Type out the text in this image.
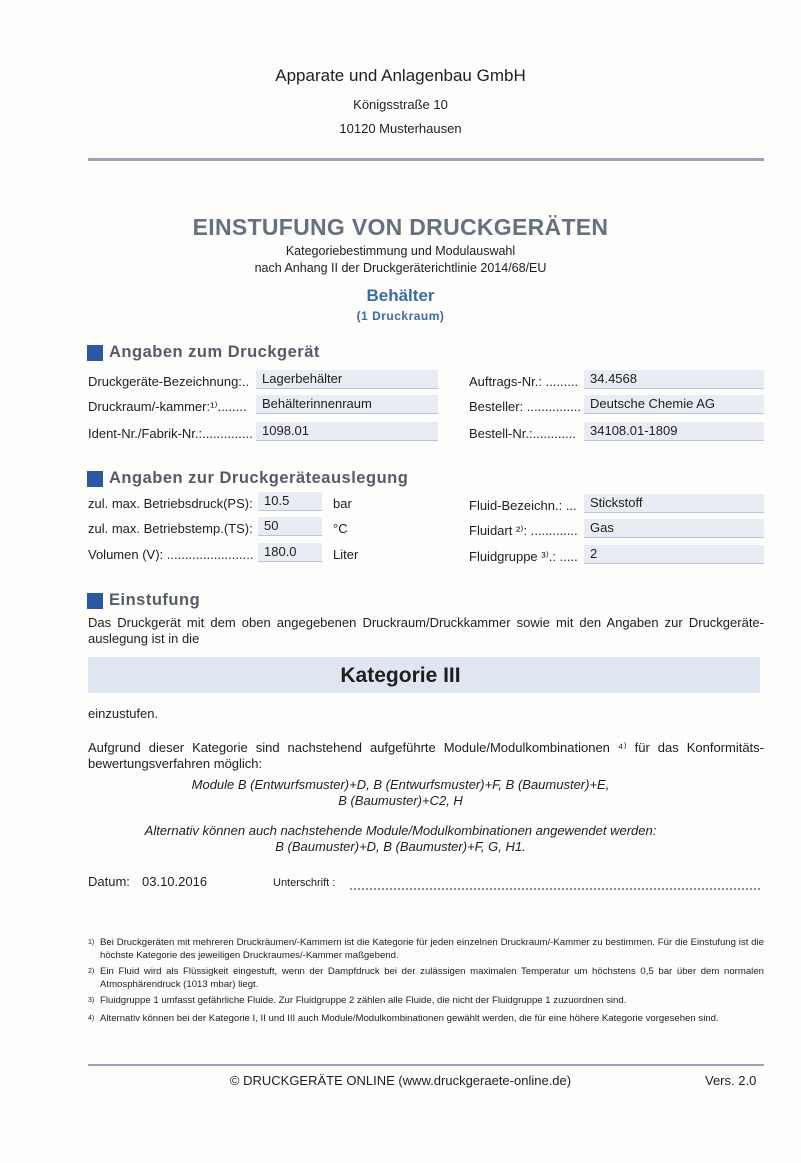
Apparate und Anlagenbau GmbH
Königsstraße 10
10120 Musterhausen
EINSTUFUNG VON DRUCKGERÄTEN
Kategoriebestimmung und Modulauswahl
nach Anhang II der Druckgeräterichtlinie 2014/68/EU
Behälter
(1 Druckraum)
Angaben zum Druckgerät
Druckgeräte-Bezeichnung:.. Lagerbehälter
Druckraum/-kammer:¹⁾........	Behälterinnenraum
Ident-Nr./Fabrik-Nr.:.............. 1098.01
Auftrags-Nr.: ......... 34.4568
Besteller: ............... Deutsche Chemie AG
Bestell-Nr.:............	34108.01-1809
Angaben zur Druckgeräteauslegung
zul. max. Betriebsdruck(PS): 10.5	bar
zul. max. Betriebstemp.(TS): 50	°C
Volumen (V): ........................ 180.0	Liter
Fluid-Bezeichn.: ...	Stickstoff
Fluidart ²⁾: ............. Gas
Fluidgruppe ³⁾.: ..... 2
Einstufung
Das Druckgerät mit dem oben angegebenen Druckraum/Druckkammer sowie mit den Angaben zur Druckgeräte-auslegung ist in die
Kategorie III
einzustufen.
Aufgrund dieser Kategorie sind nachstehend aufgeführte Module/Modulkombinationen ⁴⁾ für das Konformitäts-bewertungsverfahren möglich:
Module B (Entwurfsmuster)+D, B (Entwurfsmuster)+F, B (Baumuster)+E,
B (Baumuster)+C2, H
Alternativ können auch nachstehende Module/Modulkombinationen angewendet werden:
B (Baumuster)+D, B (Baumuster)+F, G, H1.
Datum: 03.10.2016	Unterschrift :
1) Bei Druckgeräten mit mehreren Druckräumen/-Kammern ist die Kategorie für jeden einzelnen Druckraum/-Kammer zu bestimmen. Für die Einstufung ist die höchste Kategorie des jeweiligen Druckraumes/-Kammer maßgebend.
2) Ein Fluid wird als Flüssigkeit eingestuft, wenn der Dampfdruck bei der zulässigen maximalen Temperatur um höchstens 0,5 bar über dem normalen Atmosphärendruck (1013 mbar) liegt.
3) Fluidgruppe 1 umfasst gefährliche Fluide. Zur Fluidgruppe 2 zählen alle Fluide, die nicht der Fluidgruppe 1 zuzuordnen sind.
4) Alternativ können bei der Kategorie I, II und III auch Module/Modulkombinationen gewählt werden, die für eine höhere Kategorie vorgesehen sind.
© DRUCKGERÄTE ONLINE (www.druckgeraete-online.de)	Vers. 2.0
